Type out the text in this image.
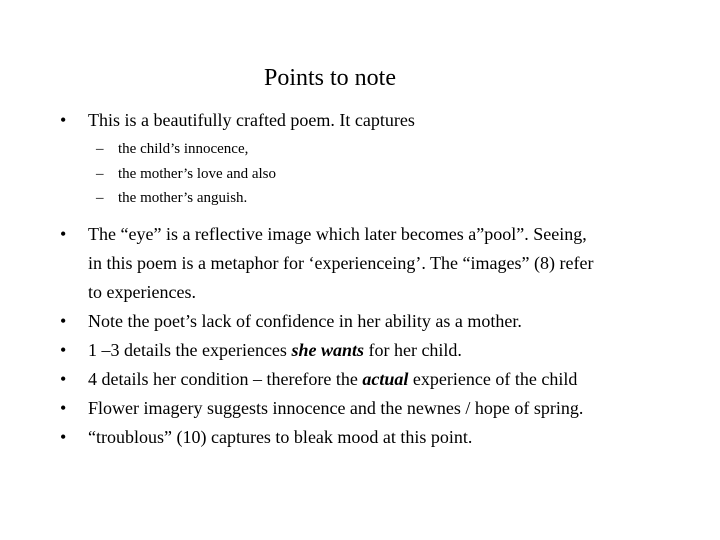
Points to note
• This is a beautifully crafted poem. It captures
– the child’s innocence,
– the mother’s love and also
– the mother’s anguish.
• The “eye” is a reflective image which later becomes a”pool”. Seeing,
in this poem is a metaphor for ‘experienceing’. The “images” (8) refer
to experiences.
• Note the poet’s lack of confidence in her ability as a mother.
• 1 –3 details the experiences she wants for her child.
• 4 details her condition – therefore the actual experience of the child
• Flower imagery suggests innocence and the newnes / hope of spring.
• “troublous” (10) captures to bleak mood at this point.
